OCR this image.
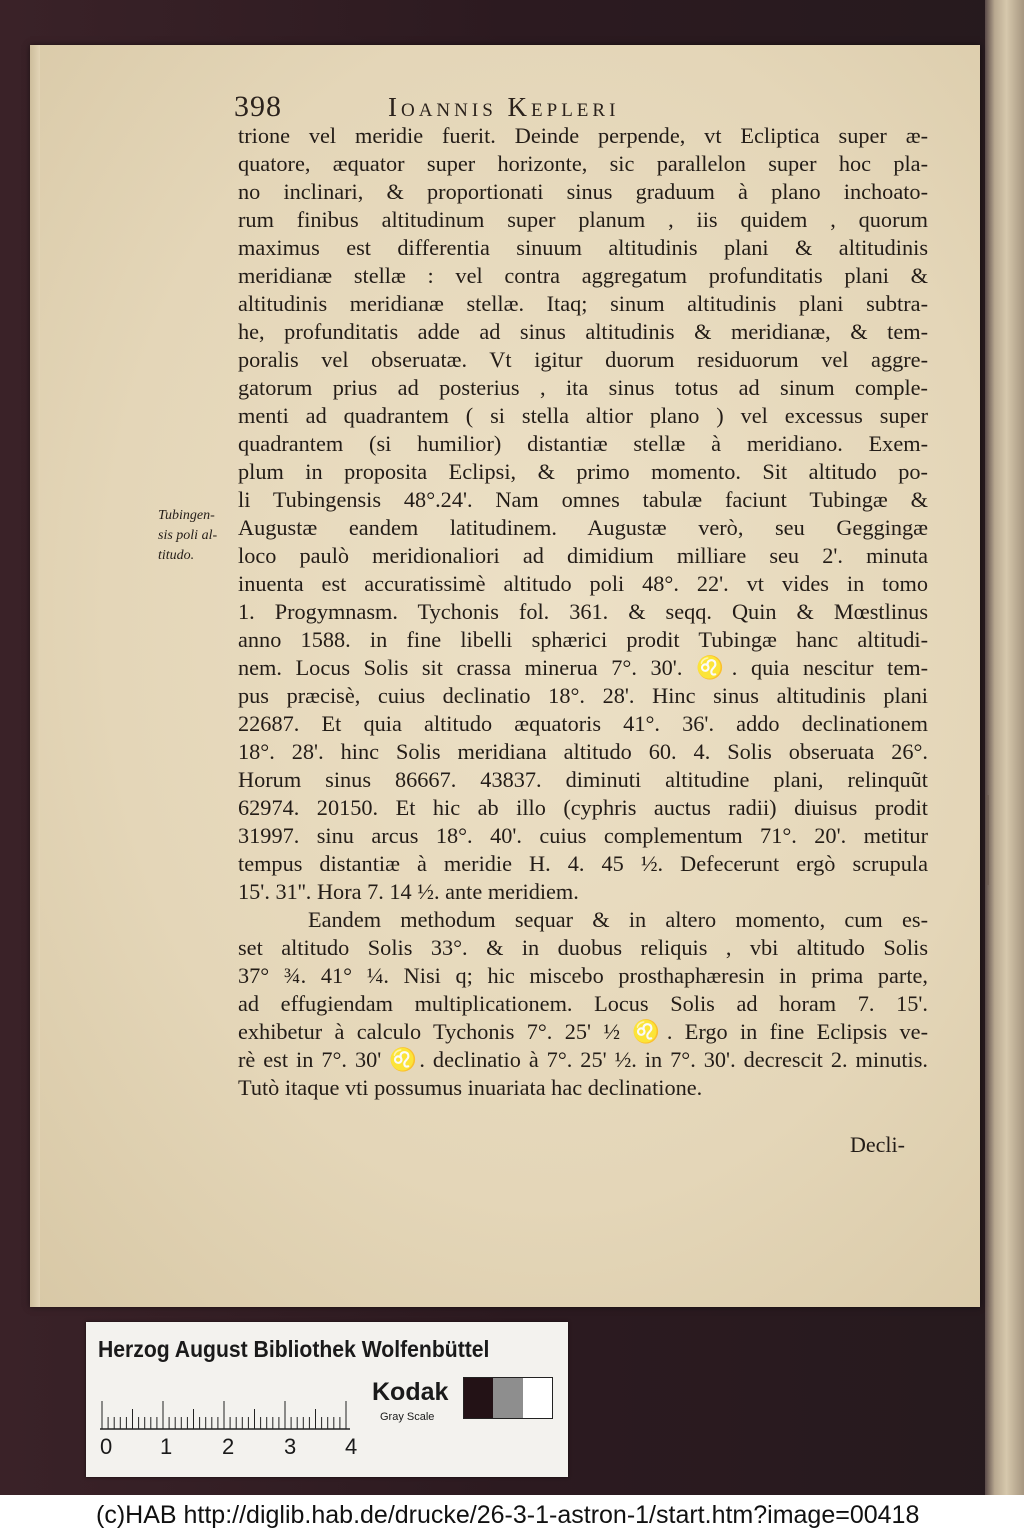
398	Ioannis Kepleri
Tubingen-
sis poli al-
titudo.
trione vel meridie fuerit. Deinde perpende, vt Ecliptica super æ-
quatore, æquator super horizonte, sic parallelon super hoc pla-
no inclinari, & proportionati sinus graduum à plano inchoato-
rum finibus altitudinum super planum , iis quidem , quorum
maximus est differentia sinuum altitudinis plani & altitudinis
meridianæ stellæ : vel contra aggregatum profunditatis plani &
altitudinis meridianæ stellæ. Itaq; sinum altitudinis plani subtra-
he, profunditatis adde ad sinus altitudinis & meridianæ, & tem-
poralis vel obseruatæ. Vt igitur duorum residuorum vel aggre-
gatorum prius ad posterius , ita sinus totus ad sinum comple-
menti ad quadrantem ( si stella altior plano ) vel excessus super
quadrantem (si humilior) distantiæ stellæ à meridiano. Exem-
plum in proposita Eclipsi, & primo momento. Sit altitudo po-
li Tubingensis 48°.24'. Nam omnes tabulæ faciunt Tubingæ &
Augustæ eandem latitudinem. Augustæ verò, seu Geggingæ
loco paulò meridionaliori ad dimidium milliare seu 2'. minuta
inuenta est accuratissimè altitudo poli 48°. 22'. vt vides in tomo
1. Progymnasm. Tychonis fol. 361. & seqq. Quin & Mœstlinus
anno 1588. in fine libelli sphærici prodit Tubingæ hanc altitudi-
nem. Locus Solis sit crassa mineruа 7°. 30'. ♌. quia nescitur tem-
pus præcisè, cuius declinatio 18°. 28'. Hinc sinus altitudinis plani
22687. Et quia altitudo æquatoris 41°. 36'. addo declinationem
18°. 28'. hinc Solis meridiana altitudo 60. 4. Solis obseruata 26°.
Horum sinus 86667. 43837. diminuti altitudine plani, relinquũt
62974. 20150. Et hic ab illo (cyphris auctus radii) diuisus prodit
31997. sinu arcus 18°. 40'. cuius complementum 71°. 20'. metitur
tempus distantiæ à meridie H. 4. 45 ½. Defecerunt ergò scrupula
15'. 31''. Hora 7. 14 ½. ante meridiem.
Eandem methodum sequar & in altero momento, cum es-
set altitudo Solis 33°. & in duobus reliquis , vbi altitudo Solis
37° ¾. 41° ¼. Nisi q; hic miscebo prosthaphæresin in prima parte,
ad effugiendam multiplicationem. Locus Solis ad horam 7. 15'.
exhibetur à calculo Tychonis 7°. 25' ½ ♌. Ergo in fine Eclipsis ve-
rè est in 7°. 30' ♌. declinatio à 7°. 25' ½. in 7°. 30'. decrescit 2. minutis.
Tutò itaque vti possumus inuariata hac declinatione.
Decli-
Herzog August Bibliothek Wolfenbüttel
0 1 2 3 4
Kodak
Gray Scale
(c)HAB http://diglib.hab.de/drucke/26-3-1-astron-1/start.htm?image=00418
